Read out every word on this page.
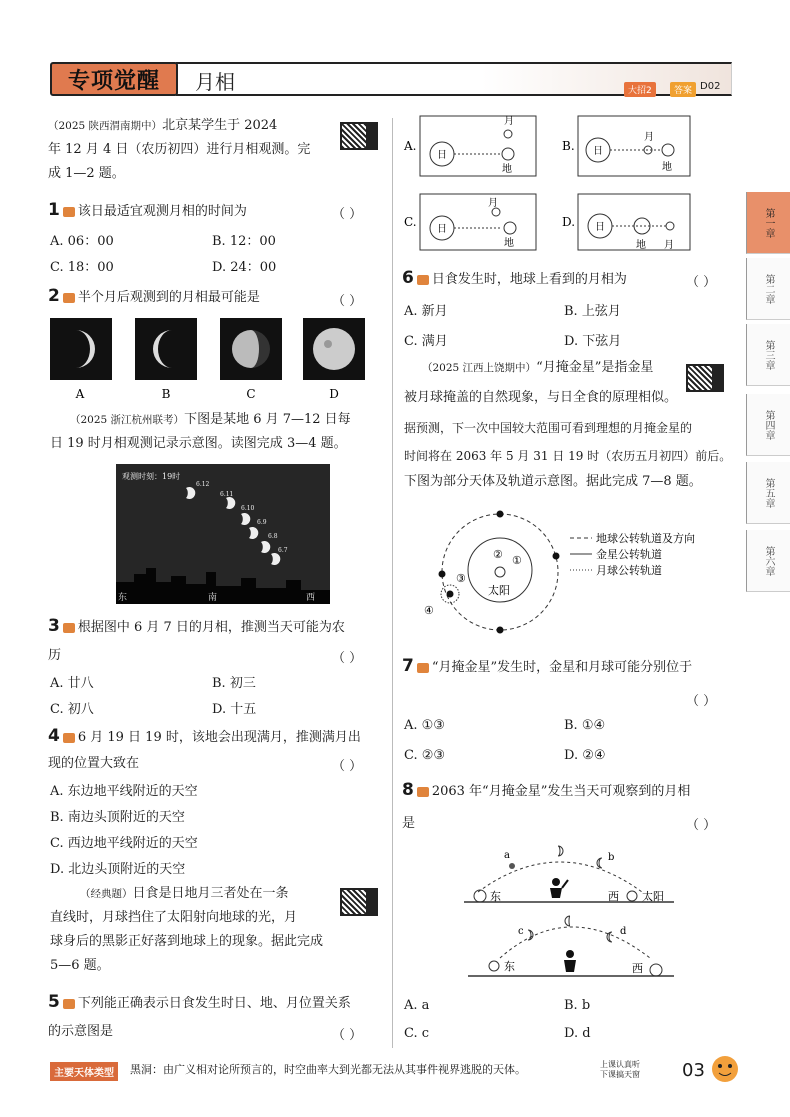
专项觉醒	月相	大招2	答案 D02
第一章
第二章
第三章
第四章
第五章
第六章
（2025 陕西渭南期中）北京某学生于 2024
年 12 月 4 日（农历初四）进行月相观测。完
成 1—2 题。
1 该日最适宜观测月相的时间为	（ ）
A. 06：00	B. 12：00
C. 18：00	D. 24：00
2 半个月后观测到的月相最可能是	（ ）
A	B	C	D
（2025 浙江杭州联考）下图是某地 6 月 7—12 日每
日 19 时月相观测记录示意图。读图完成 3—4 题。
观测时刻：19时
6.12
6.11
6.10
6.9
6.8
6.7
东	南	西
3 根据图中 6 月 7 日的月相，推测当天可能为农
历	（ ）
A. 廿八	B. 初三
C. 初八	D. 十五
4 6 月 19 日 19 时，该地会出现满月，推测满月出
现的位置大致在	（ ）
A. 东边地平线附近的天空
B. 南边头顶附近的天空
C. 西边地平线附近的天空
D. 北边头顶附近的天空
（经典题）日食是日地月三者处在一条
直线时，月球挡住了太阳射向地球的光，月
球身后的黑影正好落到地球上的现象。据此完成
5—6 题。
5 下列能正确表示日食发生时日、地、月位置关系
的示意图是	（ ）
A.
日
月
地
B. 日
月
地
C.
日
月
地
D. 日
地 月
6 日食发生时，地球上看到的月相为	（ ）
A. 新月	B. 上弦月
C. 满月	D. 下弦月
（2025 江西上饶期中）“月掩金星”是指金星
被月球掩盖的自然现象，与日全食的原理相似。
据预测，下一次中国较大范围可看到理想的月掩金星的
时间将在 2063 年 5 月 31 日 19 时（农历五月初四）前后。
下图为部分天体及轨道示意图。据此完成 7—8 题。
③
④
② ①
太阳
地球公转轨道及方向
金星公转轨道
月球公转轨道
7 “月掩金星”发生时，金星和月球可能分别位于
（ ）
A. ①③	B. ①④
C. ②③	D. ②④
8 2063 年“月掩金星”发生当天可观察到的月相
是	（ ）
东
a	b
西 太阳
东
c	d
西
A. a	B. b
C. c	D. d
主要天体类型	黑洞：由广义相对论所预言的，时空曲率大到光都无法从其事件视界逃脱的天体。	上课认真听
下课搞天窗 03
